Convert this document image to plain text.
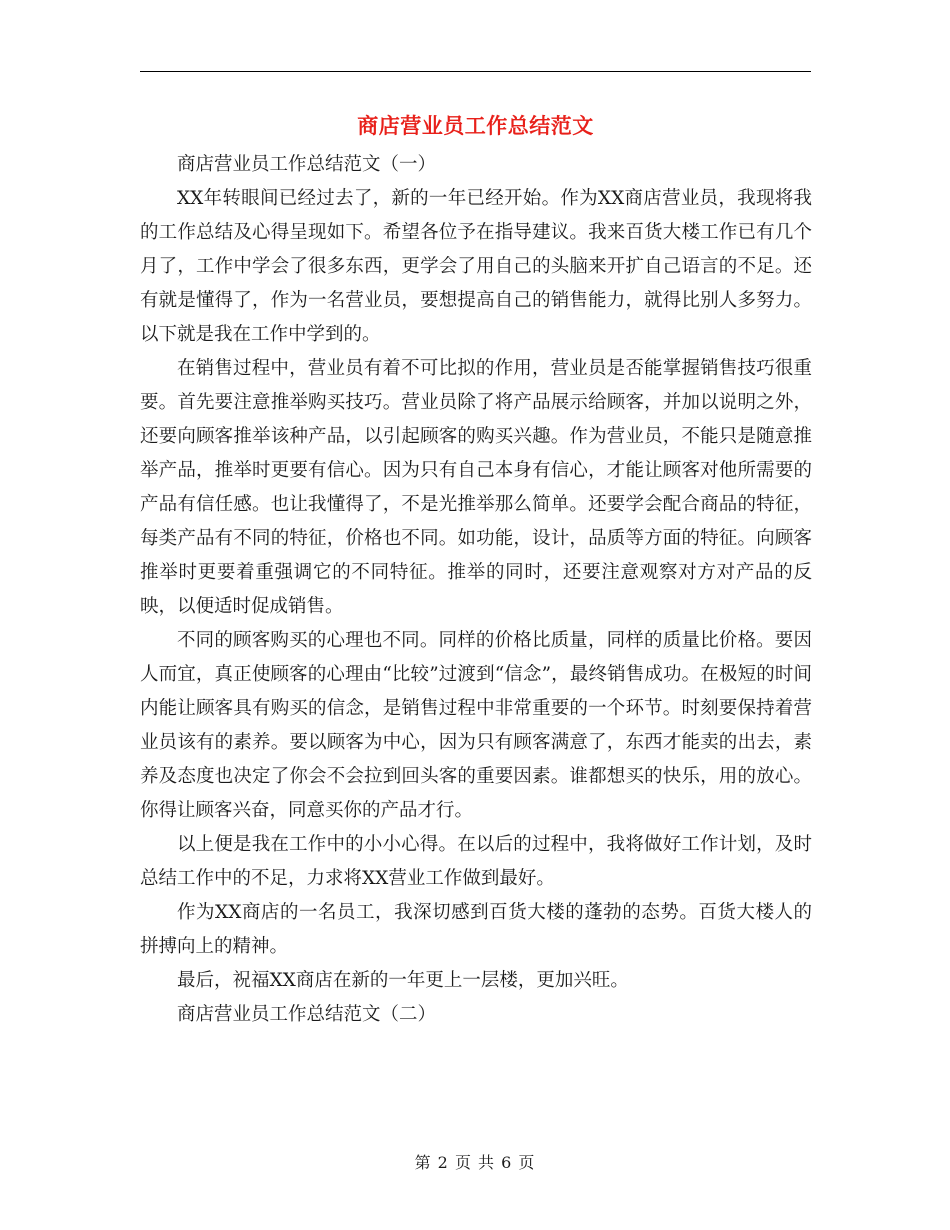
商店营业员工作总结范文

商店营业员工作总结范文（一）

XX年转眼间已经过去了，新的一年已经开始。作为XX商店营业员，我现将我的工作总结及心得呈现如下。希望各位予在指导建议。我来百货大楼工作已有几个月了，工作中学会了很多东西，更学会了用自己的头脑来开扩自己语言的不足。还有就是懂得了，作为一名营业员，要想提高自己的销售能力，就得比别人多努力。以下就是我在工作中学到的。

在销售过程中，营业员有着不可比拟的作用，营业员是否能掌握销售技巧很重要。首先要注意推举购买技巧。营业员除了将产品展示给顾客，并加以说明之外，还要向顾客推举该种产品，以引起顾客的购买兴趣。作为营业员，不能只是随意推举产品，推举时更要有信心。因为只有自己本身有信心，才能让顾客对他所需要的产品有信任感。也让我懂得了，不是光推举那么简单。还要学会配合商品的特征，每类产品有不同的特征，价格也不同。如功能，设计，品质等方面的特征。向顾客推举时更要着重强调它的不同特征。推举的同时，还要注意观察对方对产品的反映，以便适时促成销售。

不同的顾客购买的心理也不同。同样的价格比质量，同样的质量比价格。要因人而宜，真正使顾客的心理由“比较”过渡到“信念”，最终销售成功。在极短的时间内能让顾客具有购买的信念，是销售过程中非常重要的一个环节。时刻要保持着营业员该有的素养。要以顾客为中心，因为只有顾客满意了，东西才能卖的出去，素养及态度也决定了你会不会拉到回头客的重要因素。谁都想买的快乐，用的放心。你得让顾客兴奋，同意买你的产品才行。

以上便是我在工作中的小小心得。在以后的过程中，我将做好工作计划，及时总结工作中的不足，力求将XX营业工作做到最好。

作为XX商店的一名员工，我深切感到百货大楼的蓬勃的态势。百货大楼人的拼搏向上的精神。

最后，祝福XX商店在新的一年更上一层楼，更加兴旺。

商店营业员工作总结范文（二）

第 2 页 共 6 页
